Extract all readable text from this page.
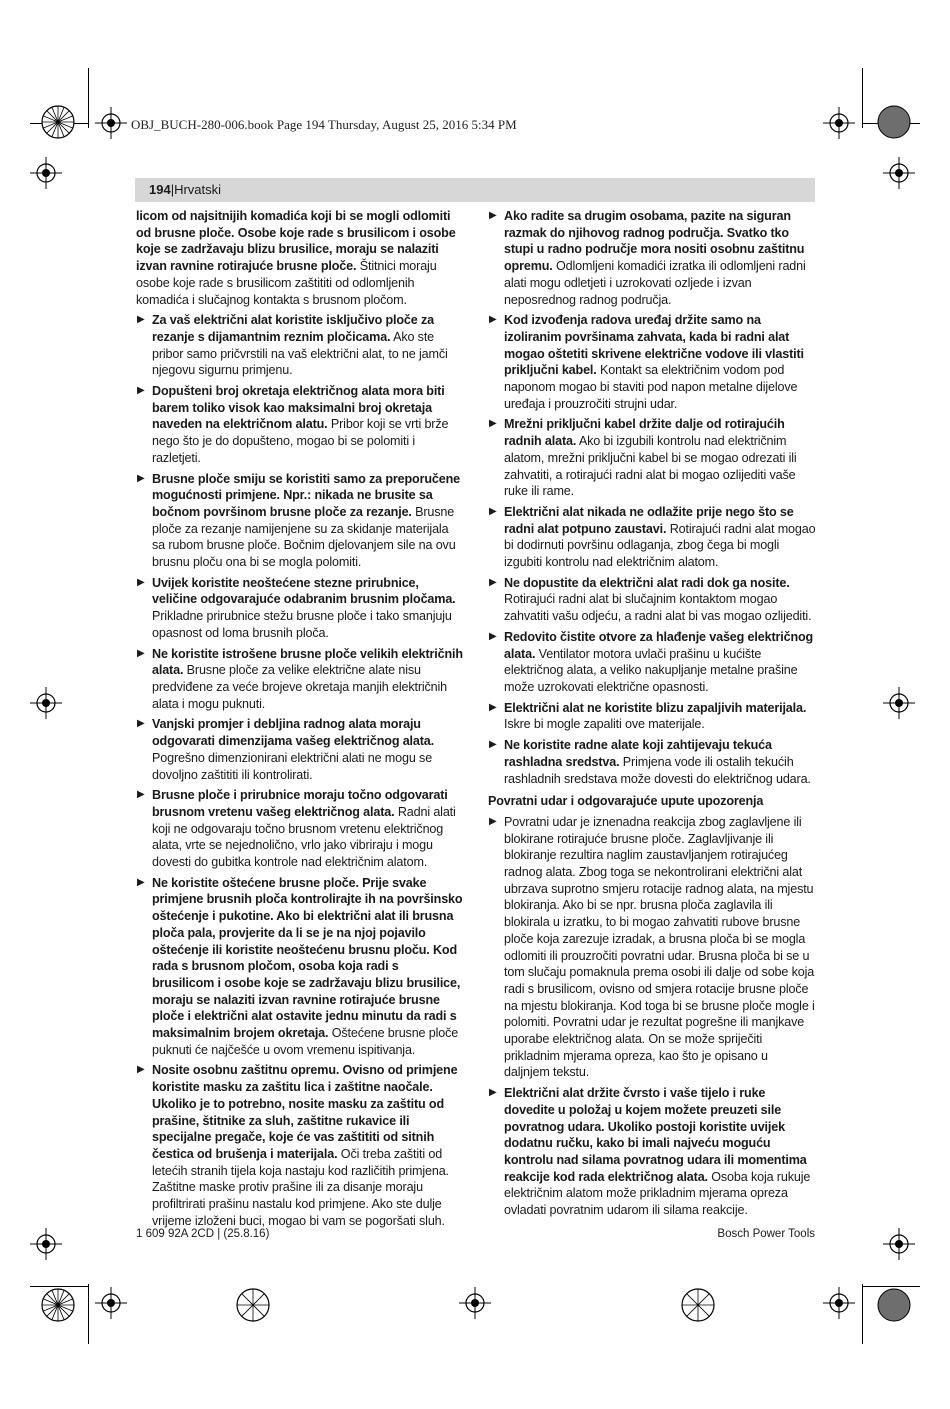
OBJ_BUCH-280-006.book Page 194 Thursday, August 25, 2016 5:34 PM
194|Hrvatski

licom od najsitnijih komadića koji bi se mogli odlomiti od brusne ploče. Osobe koje rade s brusilicom i osobe koje se zadržavaju blizu brusilice, moraju se nalaziti izvan ravnine rotirajuće brusne ploče. Štitnici moraju osobe koje rade s brusilicom zaštititi od odlomljenih komadića i slučajnog kontakta s brusnom pločom.

▶ Za vaš električni alat koristite isključivo ploče za rezanje s dijamantnim reznim pločicama. Ako ste pribor samo pričvrstili na vaš električni alat, to ne jamči njegovu sigurnu primjenu.
▶ Dopušteni broj okretaja električnog alata mora biti barem toliko visok kao maksimalni broj okretaja naveden na električnom alatu. Pribor koji se vrti brže nego što je do dopušteno, mogao bi se polomiti i razletjeti.
▶ Brusne ploče smiju se koristiti samo za preporučene mogućnosti primjene. Npr.: nikada ne brusite sa bočnom površinom brusne ploče za rezanje. Brusne ploče za rezanje namijenjene su za skidanje materijala sa rubom brusne ploče. Bočnim djelovanjem sile na ovu brusnu ploču ona bi se mogla polomiti.
▶ Uvijek koristite neoštećene stezne prirubnice, veličine odgovarajuće odabranim brusnim pločama. Prikladne prirubnice stežu brusne ploče i tako smanjuju opasnost od loma brusnih ploča.
▶ Ne koristite istrošene brusne ploče velikih električnih alata. Brusne ploče za velike električne alate nisu predviđene za veće brojeve okretaja manjih električnih alata i mogu puknuti.
▶ Vanjski promjer i debljina radnog alata moraju odgovarati dimenzijama vašeg električnog alata. Pogrešno dimenzionirani električni alati ne mogu se dovoljno zaštititi ili kontrolirati.
▶ Brusne ploče i prirubnice moraju točno odgovarati brusnom vretenu vašeg električnog alata. Radni alati koji ne odgovaraju točno brusnom vretenu električnog alata, vrte se nejednolično, vrlo jako vibriraju i mogu dovesti do gubitka kontrole nad električnim alatom.
▶ Ne koristite oštećene brusne ploče. Prije svake primjene brusnih ploča kontrolirajte ih na površinsko oštećenje i pukotine. Ako bi električni alat ili brusna ploča pala, provjerite da li se je na njoj pojavilo oštećenje ili koristite neoštećenu brusnu ploču. Kod rada s brusnom pločom, osoba koja radi s brusilicom i osobe koje se zadržavaju blizu brusilice, moraju se nalaziti izvan ravnine rotirajuće brusne ploče i električni alat ostavite jednu minutu da radi s maksimalnim brojem okretaja. Oštećene brusne ploče puknuti će najčešće u ovom vremenu ispitivanja.
▶ Nosite osobnu zaštitnu opremu. Ovisno od primjene koristite masku za zaštitu lica i zaštitne naočale. Ukoliko je to potrebno, nosite masku za zaštitu od prašine, štitnike za sluh, zaštitne rukavice ili specijalne pregače, koje će vas zaštititi od sitnih čestica od brušenja i materijala. Oči treba zaštiti od letećih stranih tijela koja nastaju kod različitih primjena. Zaštitne maske protiv prašine ili za disanje moraju profiltrirati prašinu nastalu kod primjene. Ako ste dulje vrijeme izloženi buci, mogao bi vam se pogoršati sluh.
▶ Ako radite sa drugim osobama, pazite na siguran razmak do njihovog radnog područja. Svatko tko stupi u radno područje mora nositi osobnu zaštitnu opremu. Odlomljeni komadići izratka ili odlomljeni radni alati mogu odletjeti i uzrokovati ozljede i izvan neposrednog radnog područja.
▶ Kod izvođenja radova uređaj držite samo na izoliranim površinama zahvata, kada bi radni alat mogao oštetiti skrivene električne vodove ili vlastiti priključni kabel. Kontakt sa električnim vodom pod naponom mogao bi staviti pod napon metalne dijelove uređaja i prouzročiti strujni udar.
▶ Mrežni priključni kabel držite dalje od rotirajućih radnih alata. Ako bi izgubili kontrolu nad električnim alatom, mrežni priključni kabel bi se mogao odrezati ili zahvatiti, a rotirajući radni alat bi mogao ozlijediti vaše ruke ili rame.
▶ Električni alat nikada ne odlažite prije nego što se radni alat potpuno zaustavi. Rotirajući radni alat mogao bi dodirnuti površinu odlaganja, zbog čega bi mogli izgubiti kontrolu nad električnim alatom.
▶ Ne dopustite da električni alat radi dok ga nosite. Rotirajući radni alat bi slučajnim kontaktom mogao zahvatiti vašu odjeću, a radni alat bi vas mogao ozlijediti.
▶ Redovito čistite otvore za hlađenje vašeg električnog alata. Ventilator motora uvlači prašinu u kućište električnog alata, a veliko nakupljanje metalne prašine može uzrokovati električne opasnosti.
▶ Električni alat ne koristite blizu zapaljivih materijala. Iskre bi mogle zapaliti ove materijale.
▶ Ne koristite radne alate koji zahtijevaju tekuća rashladna sredstva. Primjena vode ili ostalih tekućih rashladnih sredstava može dovesti do električnog udara.
Povratni udar i odgovarajuće upute upozorenja
▶ Povratni udar je iznenadna reakcija zbog zaglavljene ili blokirane rotirajuće brusne ploče. Zaglavljivanje ili blokiranje rezultira naglim zaustavljanjem rotirajućeg radnog alata. Zbog toga se nekontrolirani električni alat ubrzava suprotno smjeru rotacije radnog alata, na mjestu blokiranja. Ako bi se npr. brusna ploča zaglavila ili blokirala u izratku, to bi mogao zahvatiti rubove brusne ploče koja zarezuje izradak, a brusna ploča bi se mogla odlomiti ili prouzročiti povratni udar. Brusna ploča bi se u tom slučaju pomaknula prema osobi ili dalje od sobe koja radi s brusilicom, ovisno od smjera rotacije brusne ploče na mjestu blokiranja. Kod toga bi se brusne ploče mogle i polomiti. Povratni udar je rezultat pogrešne ili manjkave uporabe električnog alata. On se može spriječiti prikladnim mjerama opreza, kao što je opisano u daljnjem tekstu.
▶ Električni alat držite čvrsto i vaše tijelo i ruke dovedite u položaj u kojem možete preuzeti sile povratnog udara. Ukoliko postoji koristite uvijek dodatnu ručku, kako bi imali najveću moguću kontrolu nad silama povratnog udara ili momentima reakcije kod rada električnog alata. Osoba koja rukuje električnim alatom može prikladnim mjerama opreza ovladati povratnim udarom ili silama reakcije.
1 609 92A 2CD | (25.8.16)	Bosch Power Tools
